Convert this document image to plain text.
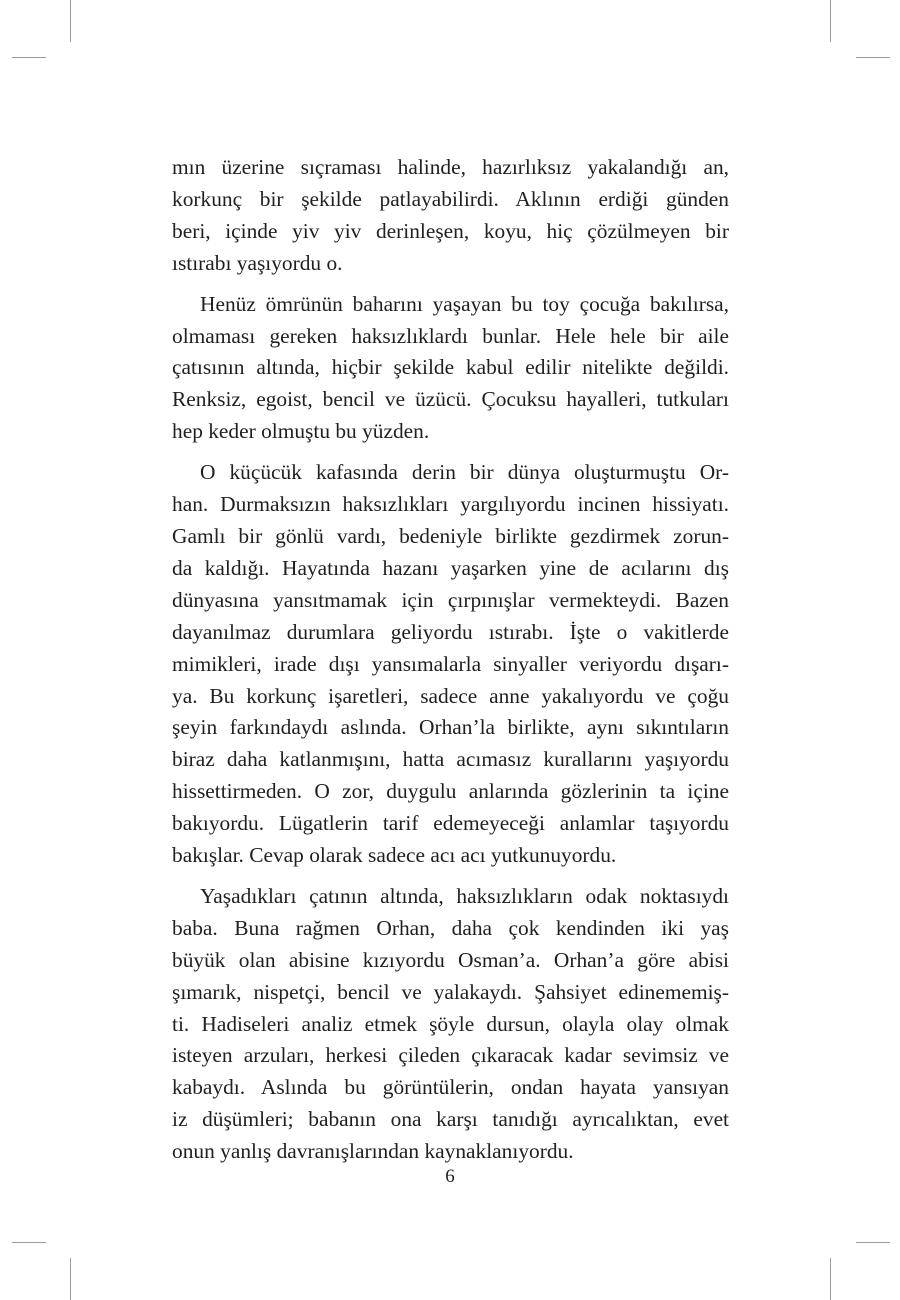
mın üzerine sıçraması halinde, hazırlıksız yakalandığı an,
korkunç bir şekilde patlayabilirdi. Aklının erdiği günden
beri, içinde yiv yiv derinleşen, koyu, hiç çözülmeyen bir
ıstırabı yaşıyordu o.
Henüz ömrünün baharını yaşayan bu toy çocuğa bakılırsa,
olmaması gereken haksızlıklardı bunlar. Hele hele bir aile
çatısının altında, hiçbir şekilde kabul edilir nitelikte değildi.
Renksiz, egoist, bencil ve üzücü. Çocuksu hayalleri, tutkuları
hep keder olmuştu bu yüzden.
O küçücük kafasında derin bir dünya oluşturmuştu Or-
han. Durmaksızın haksızlıkları yargılıyordu incinen hissiyatı.
Gamlı bir gönlü vardı, bedeniyle birlikte gezdirmek zorun-
da kaldığı. Hayatında hazanı yaşarken yine de acılarını dış
dünyasına yansıtmamak için çırpınışlar vermekteydi. Bazen
dayanılmaz durumlara geliyordu ıstırabı. İşte o vakitlerde
mimikleri, irade dışı yansımalarla sinyaller veriyordu dışarı-
ya. Bu korkunç işaretleri, sadece anne yakalıyordu ve çoğu
şeyin farkındaydı aslında. Orhan’la birlikte, aynı sıkıntıların
biraz daha katlanmışını, hatta acımasız kurallarını yaşıyordu
hissettirmeden. O zor, duygulu anlarında gözlerinin ta içine
bakıyordu. Lügatlerin tarif edemeyeceği anlamlar taşıyordu
bakışlar. Cevap olarak sadece acı acı yutkunuyordu.
Yaşadıkları çatının altında, haksızlıkların odak noktasıydı
baba. Buna rağmen Orhan, daha çok kendinden iki yaş
büyük olan abisine kızıyordu Osman’a. Orhan’a göre abisi
şımarık, nispetçi, bencil ve yalakaydı. Şahsiyet edinememiş-
ti. Hadiseleri analiz etmek şöyle dursun, olayla olay olmak
isteyen arzuları, herkesi çileden çıkaracak kadar sevimsiz ve
kabaydı. Aslında bu görüntülerin, ondan hayata yansıyan
iz düşümleri; babanın ona karşı tanıdığı ayrıcalıktan, evet
onun yanlış davranışlarından kaynaklanıyordu.
6
